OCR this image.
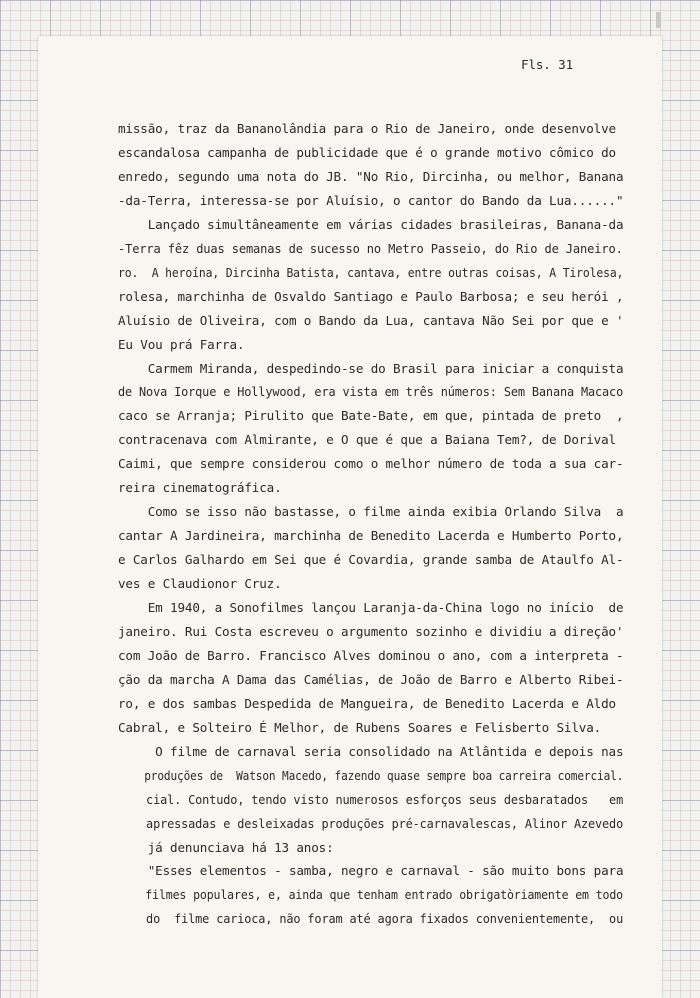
Fls. 31
missão, traz da Bananolândia para o Rio de Janeiro, onde desenvolve
escandalosa campanha de publicidade que é o grande motivo cômico do
enredo, segundo uma nota do JB. "No Rio, Dircinha, ou melhor, Banana
-da-Terra, interessa-se por Aluísio, o cantor do Bando da Lua......"
Lançado simultâneamente em várias cidades brasileiras, Banana-da
-Terra fêz duas semanas de sucesso no Metro Passeio, do Rio de Janeiro.
ro.  A heroína, Dircinha Batista, cantava, entre outras coisas, A Tirolesa,
rolesa, marchinha de Osvaldo Santiago e Paulo Barbosa; e seu herói ,
Aluísio de Oliveira, com o Bando da Lua, cantava Não Sei por que e '
Eu Vou prá Farra.
Carmem Miranda, despedindo-se do Brasil para iniciar a conquista
de Nova Iorque e Hollywood, era vista em três números: Sem Banana Macaco
caco se Arranja; Pirulito que Bate-Bate, em que, pintada de preto  ,
contracenava com Almirante, e O que é que a Baiana Tem?, de Dorival
Caimi, que sempre considerou como o melhor número de toda a sua car-
reira cinematográfica.
Como se isso não bastasse, o filme ainda exibia Orlando Silva  a
cantar A Jardineira, marchinha de Benedito Lacerda e Humberto Porto,
e Carlos Galhardo em Sei que é Covardia, grande samba de Ataulfo Al-
ves e Claudionor Cruz.
Em 1940, a Sonofilmes lançou Laranja-da-China logo no início  de
janeiro. Rui Costa escreveu o argumento sozinho e dividiu a direção'
com João de Barro. Francisco Alves dominou o ano, com a interpreta -
ção da marcha A Dama das Camélias, de João de Barro e Alberto Ribei-
ro, e dos sambas Despedida de Mangueira, de Benedito Lacerda e Aldo
Cabral, e Solteiro É Melhor, de Rubens Soares e Felisberto Silva.
O filme de carnaval seria consolidado na Atlântida e depois nas
produções de  Watson Macedo, fazendo quase sempre boa carreira comercial.
cial. Contudo, tendo visto numerosos esforços seus desbaratados   em
apressadas e desleixadas produções pré-carnavalescas, Alinor Azevedo
já denunciava há 13 anos:
"Esses elementos - samba, negro e carnaval - são muito bons para
filmes populares, e, ainda que tenham entrado obrigatòriamente em todo
do  filme carioca, não foram até agora fixados convenientemente,  ou
